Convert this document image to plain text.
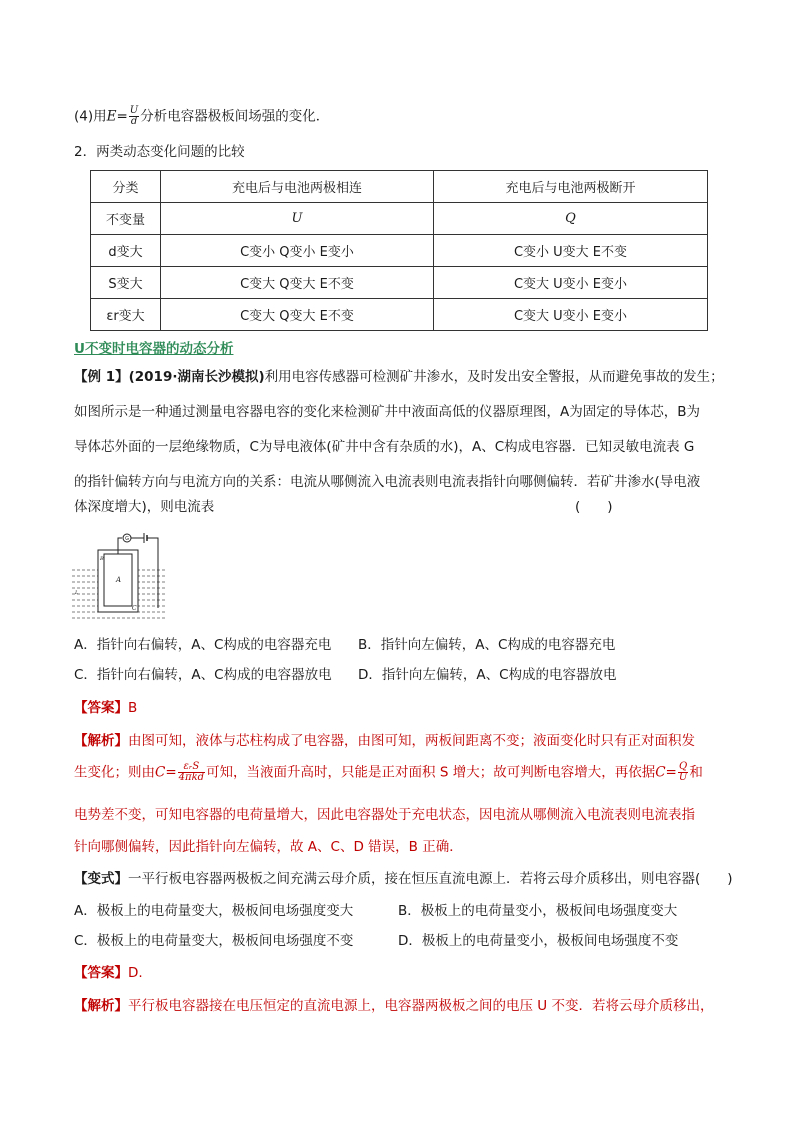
(4)用$E= \frac{U}{d}$ 分析电容器极板间场强的变化．
2．两类动态变化问题的比较
分类	充电后与电池两极相连	充电后与电池两极断开
不变量	U	Q
d变大	C变小 Q变小 E变小	C变小 U变大 E不变
S变大	C变大 Q变大 E不变	C变大 U变小 E变小
εr变大	C变大 Q变大 E不变	C变大 U变小 E变小
U不变时电容器的动态分析
【例 1】(2019·湖南长沙模拟)利用电容传感器可检测矿井渗水，及时发出安全警报，从而避免事故的发生；
如图所示是一种通过测量电容器电容的变化来检测矿井中液面高低的仪器原理图，A为固定的导体芯，B为
导体芯外面的一层绝缘物质，C为导电液体(矿井中含有杂质的水)，A、C构成电容器．已知灵敏电流表 G
的指针偏转方向与电流方向的关系：电流从哪侧流入电流表则电流表指针向哪侧偏转．若矿井渗水(导电液
体深度增大)，则电流表	(　　)
G
A
B
C
L
A．指针向右偏转，A、C构成的电容器充电 B．指针向左偏转，A、C构成的电容器充电
C．指针向右偏转，A、C构成的电容器放电 D．指针向左偏转，A、C构成的电容器放电
【答案】B
【解析】由图可知，液体与芯柱构成了电容器，由图可知，两板间距离不变；液面变化时只有正对面积发
生变化；则由$C= \frac{\text{εᵣS}}{\text{4πkd}}$ 可知，当液面升高时，只能是正对面积 S 增大；故可判断电容增大，再依据$C= \frac{Q}{U}$ 和
电势差不变，可知电容器的电荷量增大，因此电容器处于充电状态，因电流从哪侧流入电流表则电流表指
针向哪侧偏转，因此指针向左偏转，故 A、C、D 错误，B 正确．
【变式】一平行板电容器两极板之间充满云母介质，接在恒压直流电源上．若将云母介质移出，则电容器(　　)
A．极板上的电荷量变大，极板间电场强度变大	B．极板上的电荷量变小，极板间电场强度变大
C．极板上的电荷量变大，极板间电场强度不变	D．极板上的电荷量变小，极板间电场强度不变
【答案】D.
【解析】平行板电容器接在电压恒定的直流电源上，电容器两极板之间的电压 U 不变．若将云母介质移出，
